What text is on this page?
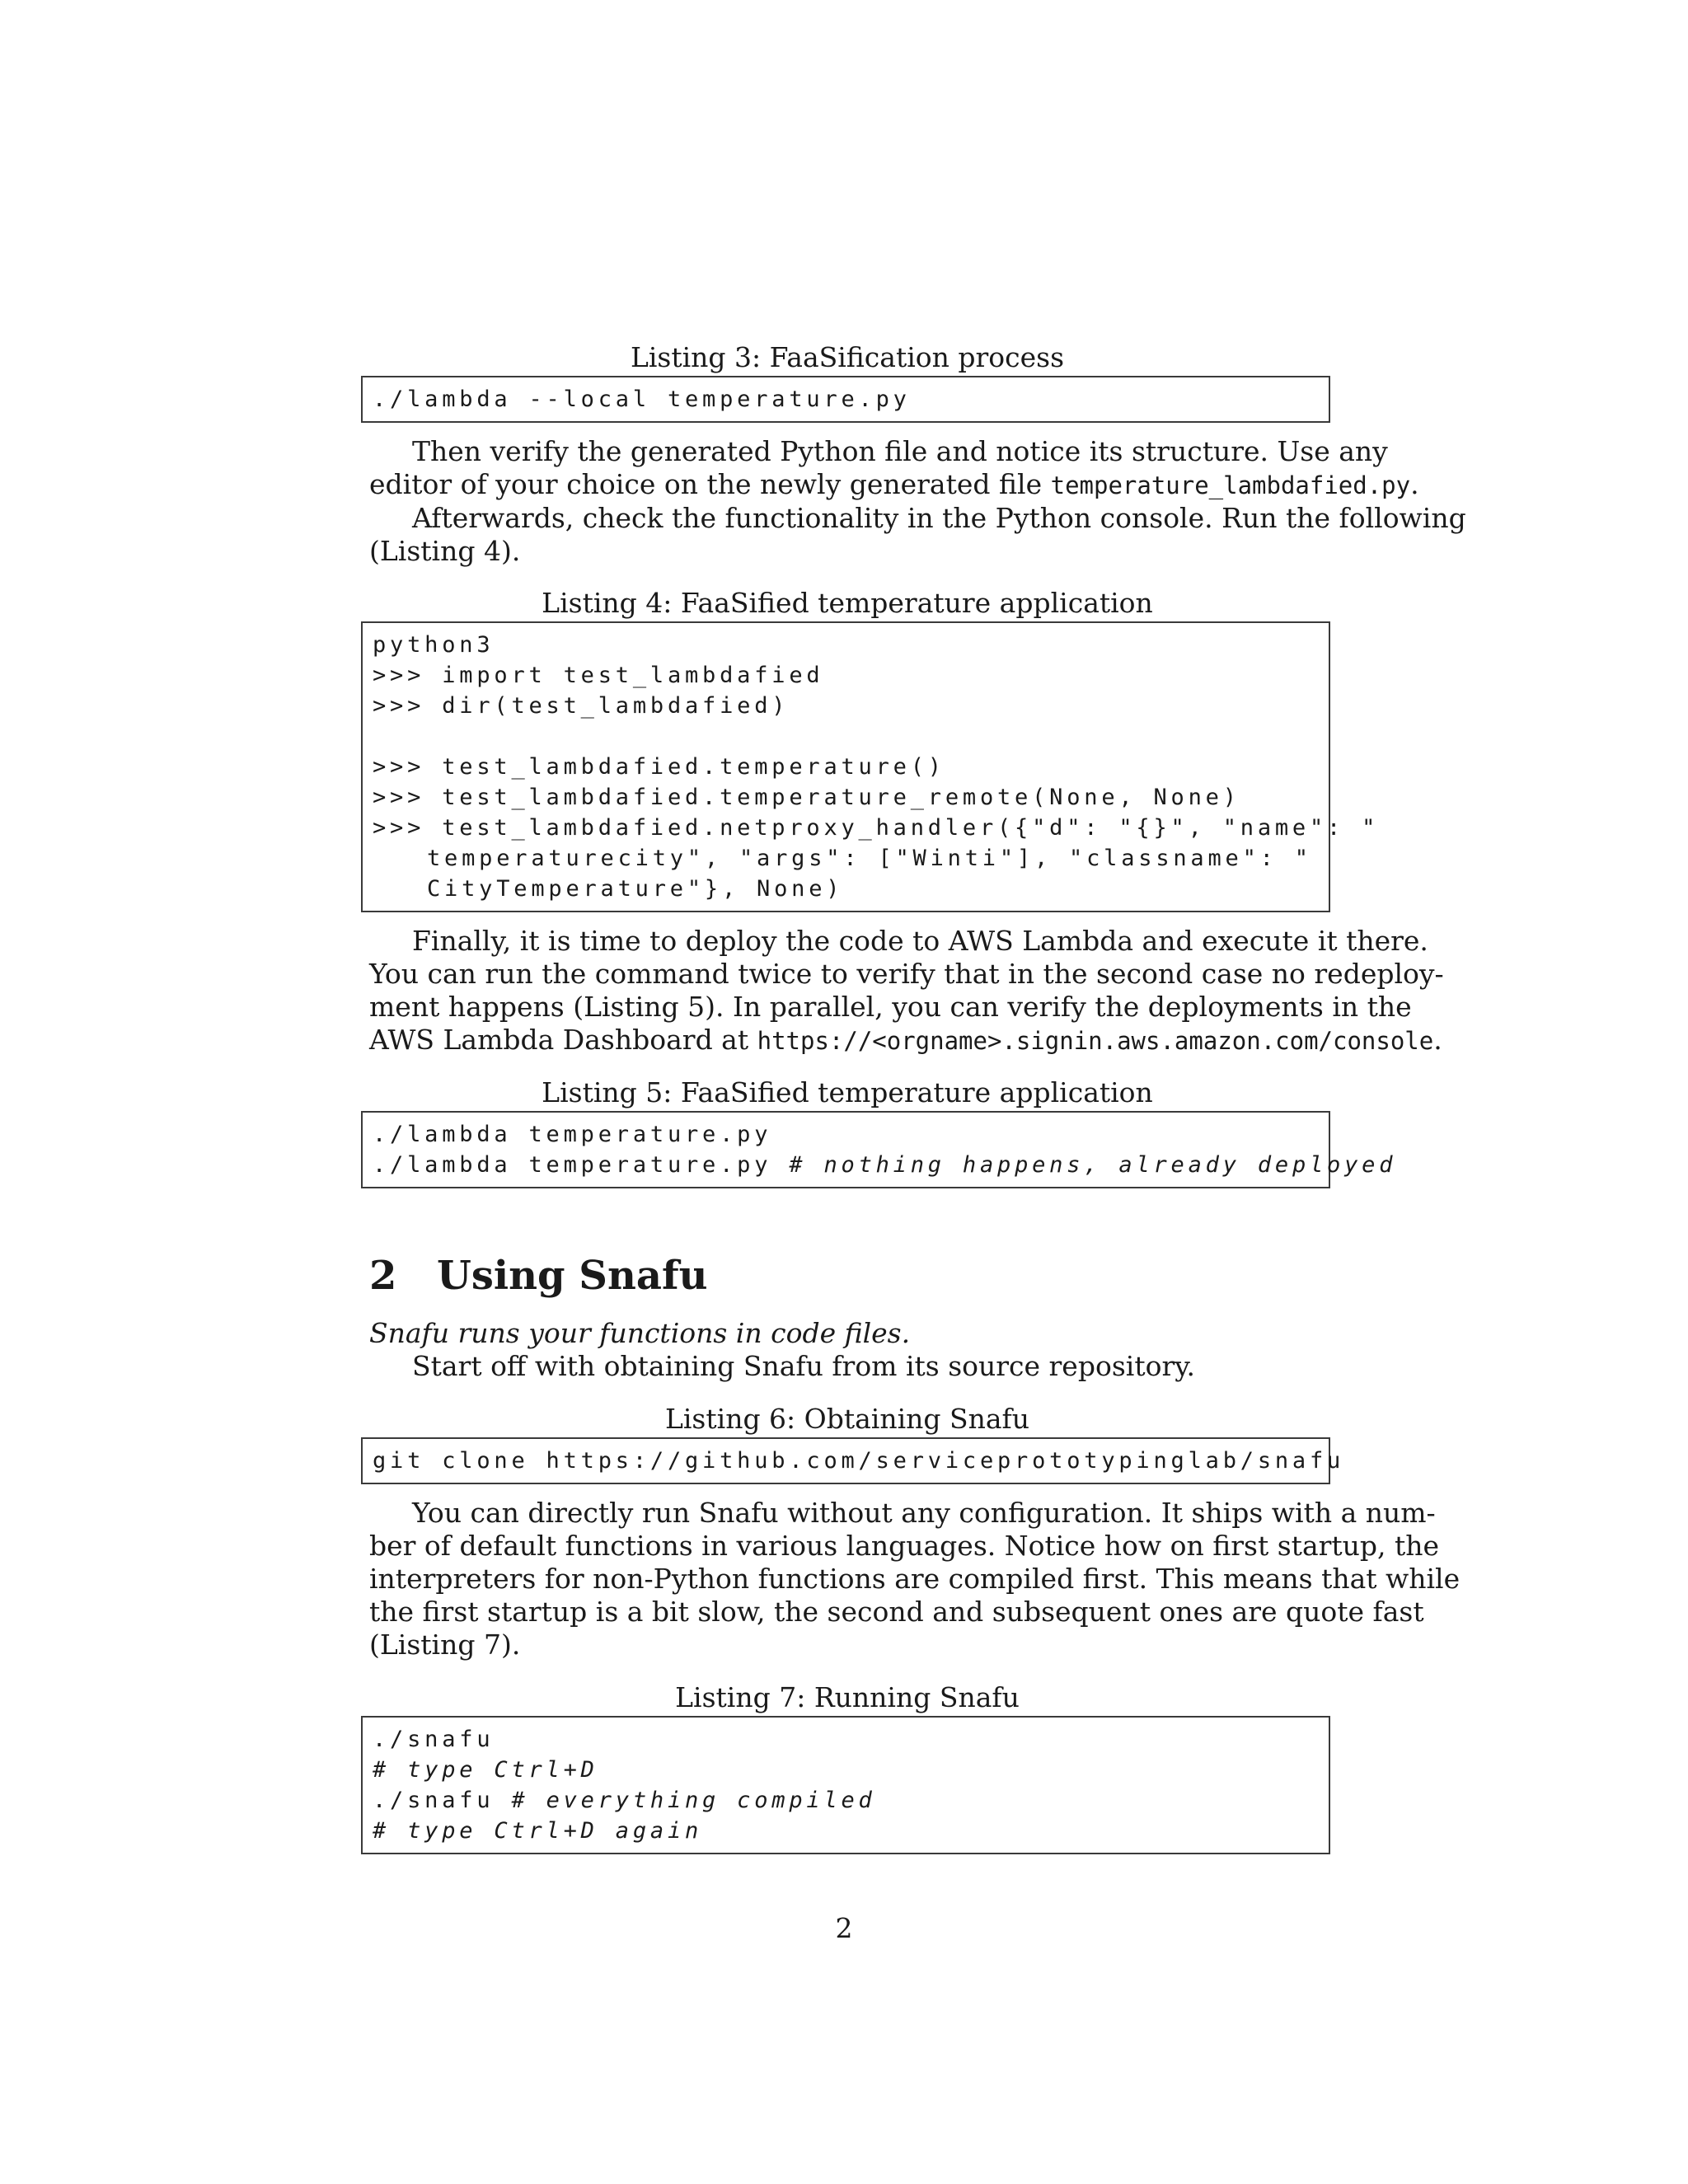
Listing 3: FaaSification process
./lambda --local temperature.py
Then verify the generated Python file and notice its structure. Use any
editor of your choice on the newly generated file temperature_lambdafied.py.
Afterwards, check the functionality in the Python console. Run the following
(Listing 4).
Listing 4: FaaSified temperature application
python3
>>> import test_lambdafied
>>> dir(test_lambdafied)
>>> test_lambdafied.temperature()
>>> test_lambdafied.temperature_remote(None, None)
>>> test_lambdafied.netproxy_handler({"d": "{}", "name": "
temperaturecity", "args": ["Winti"], "classname": "
CityTemperature"}, None)
Finally, it is time to deploy the code to AWS Lambda and execute it there.
You can run the command twice to verify that in the second case no redeploy-
ment happens (Listing 5). In parallel, you can verify the deployments in the
AWS Lambda Dashboard at https://<orgname>.signin.aws.amazon.com/console.
Listing 5: FaaSified temperature application
./lambda temperature.py
./lambda temperature.py # nothing happens, already deployed
2 Using Snafu
Snafu runs your functions in code files.
Start off with obtaining Snafu from its source repository.
Listing 6: Obtaining Snafu
git clone https://github.com/serviceprototypinglab/snafu
You can directly run Snafu without any configuration. It ships with a num-
ber of default functions in various languages. Notice how on first startup, the
interpreters for non-Python functions are compiled first. This means that while
the first startup is a bit slow, the second and subsequent ones are quote fast
(Listing 7).
Listing 7: Running Snafu
./snafu
# type Ctrl+D
./snafu # everything compiled
# type Ctrl+D again
2
